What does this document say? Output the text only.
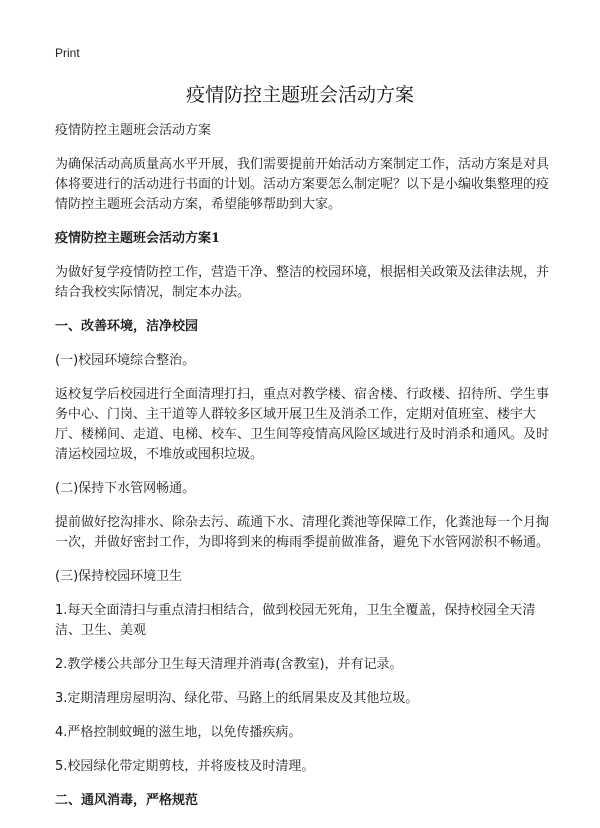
Print
疫情防控主题班会活动方案

疫情防控主题班会活动方案

为确保活动高质量高水平开展，我们需要提前开始活动方案制定工作，活动方案是对具体将要进行的活动进行书面的计划。活动方案要怎么制定呢？以下是小编收集整理的疫情防控主题班会活动方案，希望能够帮助到大家。

疫情防控主题班会活动方案1

为做好复学疫情防控工作，营造干净、整洁的校园环境，根据相关政策及法律法规，并结合我校实际情况，制定本办法。

一、改善环境，洁净校园

(一)校园环境综合整治。

返校复学后校园进行全面清理打扫，重点对教学楼、宿舍楼、行政楼、招待所、学生事务中心、门岗、主干道等人群较多区域开展卫生及消杀工作，定期对值班室、楼宇大厅、楼梯间、走道、电梯、校车、卫生间等疫情高风险区域进行及时消杀和通风。及时清运校园垃圾，不堆放或囤积垃圾。

(二)保持下水管网畅通。

提前做好挖沟排水、除杂去污、疏通下水、清理化粪池等保障工作，化粪池每一个月掏一次，并做好密封工作，为即将到来的梅雨季提前做准备，避免下水管网淤积不畅通。

(三)保持校园环境卫生

1.每天全面清扫与重点清扫相结合，做到校园无死角，卫生全覆盖，保持校园全天清洁、卫生、美观

2.教学楼公共部分卫生每天清理并消毒(含教室)，并有记录。

3.定期清理房屋明沟、绿化带、马路上的纸屑果皮及其他垃圾。

4.严格控制蚊蝇的滋生地，以免传播疾病。

5.校园绿化带定期剪枝，并将废枝及时清理。

二、通风消毒，严格规范
